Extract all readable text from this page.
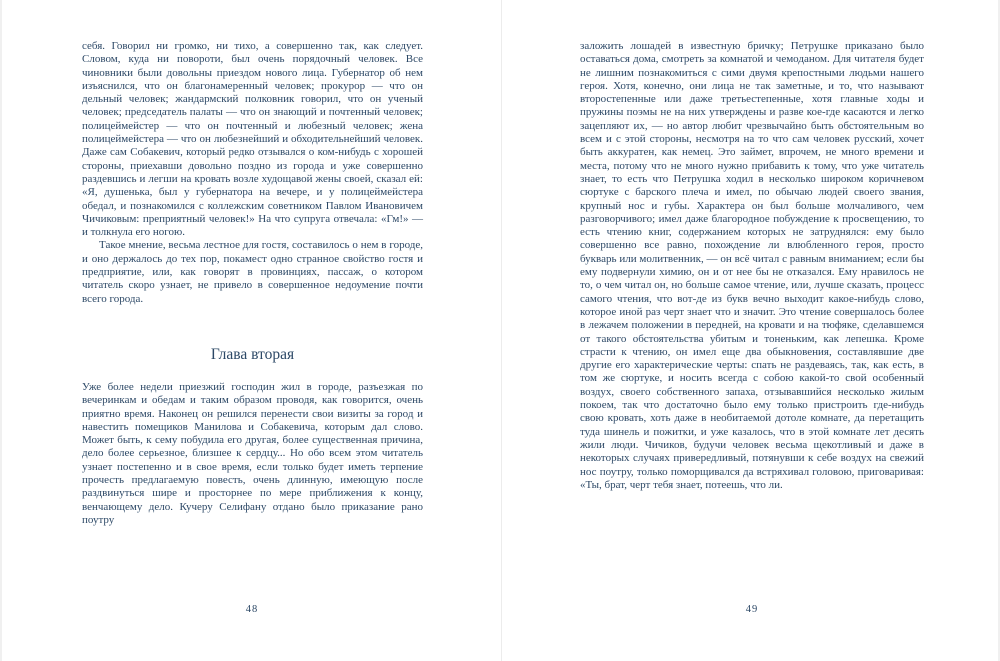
себя. Говорил ни громко, ни тихо, а совершенно так, как следует. Словом, куда ни повороти, был очень порядочный человек. Все чиновники были довольны приездом нового лица. Губернатор об нем изъяснился, что он благонамеренный человек; прокурор — что он дельный человек; жандармский полковник говорил, что он ученый человек; председатель палаты — что он знающий и почтенный человек; полицеймейстер — что он почтенный и любезный человек; жена полицеймейстера — что он любезнейший и обходительнейший человек. Даже сам Собакевич, который редко отзывался о ком-нибудь с хорошей стороны, приехавши довольно поздно из города и уже совершенно раздевшись и легши на кровать возле худощавой жены своей, сказал ей: «Я, душенька, был у губернатора на вечере, и у полицеймейстера обедал, и познакомился с коллежским советником Павлом Ивановичем Чичиковым: преприятный человек!» На что супруга отвечала: «Гм!» — и толкнула его ногою.

Такое мнение, весьма лестное для гостя, составилось о нем в городе, и оно держалось до тех пор, покамест одно странное свойство гостя и предприятие, или, как говорят в провинциях, пассаж, о котором читатель скоро узнает, не привело в совершенное недоумение почти всего города.

Глава вторая

Уже более недели приезжий господин жил в городе, разъезжая по вечеринкам и обедам и таким образом проводя, как говорится, очень приятно время. Наконец он решился перенести свои визиты за город и навестить помещиков Манилова и Собакевича, которым дал слово. Может быть, к сему побудила его другая, более существенная причина, дело более серьезное, близшее к сердцу... Но обо всем этом читатель узнает постепенно и в свое время, если только будет иметь терпение прочесть предлагаемую повесть, очень длинную, имеющую после раздвинуться шире и просторнее по мере приближения к концу, венчающему дело. Кучеру Селифану отдано было приказание рано поутру

48

заложить лошадей в известную бричку; Петрушке приказано было оставаться дома, смотреть за комнатой и чемоданом. Для читателя будет не лишним познакомиться с сими двумя крепостными людьми нашего героя. Хотя, конечно, они лица не так заметные, и то, что называют второстепенные или даже третьестепенные, хотя главные ходы и пружины поэмы не на них утверждены и разве кое-где касаются и легко зацепляют их, — но автор любит чрезвычайно быть обстоятельным во всем и с этой стороны, несмотря на то что сам человек русский, хочет быть аккуратен, как немец. Это займет, впрочем, не много времени и места, потому что не много нужно прибавить к тому, что уже читатель знает, то есть что Петрушка ходил в несколько широком коричневом сюртуке с барского плеча и имел, по обычаю людей своего звания, крупный нос и губы. Характера он был больше молчаливого, чем разговорчивого; имел даже благородное побуждение к просвещению, то есть чтению книг, содержанием которых не затруднялся: ему было совершенно все равно, похождение ли влюбленного героя, просто букварь или молитвенник, — он всё читал с равным вниманием; если бы ему подвернули химию, он и от нее бы не отказался. Ему нравилось не то, о чем читал он, но больше самое чтение, или, лучше сказать, процесс самого чтения, что вот-де из букв вечно выходит какое-нибудь слово, которое иной раз черт знает что и значит. Это чтение совершалось более в лежачем положении в передней, на кровати и на тюфяке, сделавшемся от такого обстоятельства убитым и тоненьким, как лепешка. Кроме страсти к чтению, он имел еще два обыкновения, составлявшие две другие его характерические черты: спать не раздеваясь, так, как есть, в том же сюртуке, и носить всегда с собою какой-то свой особенный воздух, своего собственного запаха, отзывавшийся несколько жилым покоем, так что достаточно было ему только пристроить где-нибудь свою кровать, хоть даже в необитаемой дотоле комнате, да перетащить туда шинель и пожитки, и уже казалось, что в этой комнате лет десять жили люди. Чичиков, будучи человек весьма щекотливый и даже в некоторых случаях привередливый, потянувши к себе воздух на свежий нос поутру, только поморщивался да встряхивал головою, приговаривая: «Ты, брат, черт тебя знает, потеешь, что ли.

49
